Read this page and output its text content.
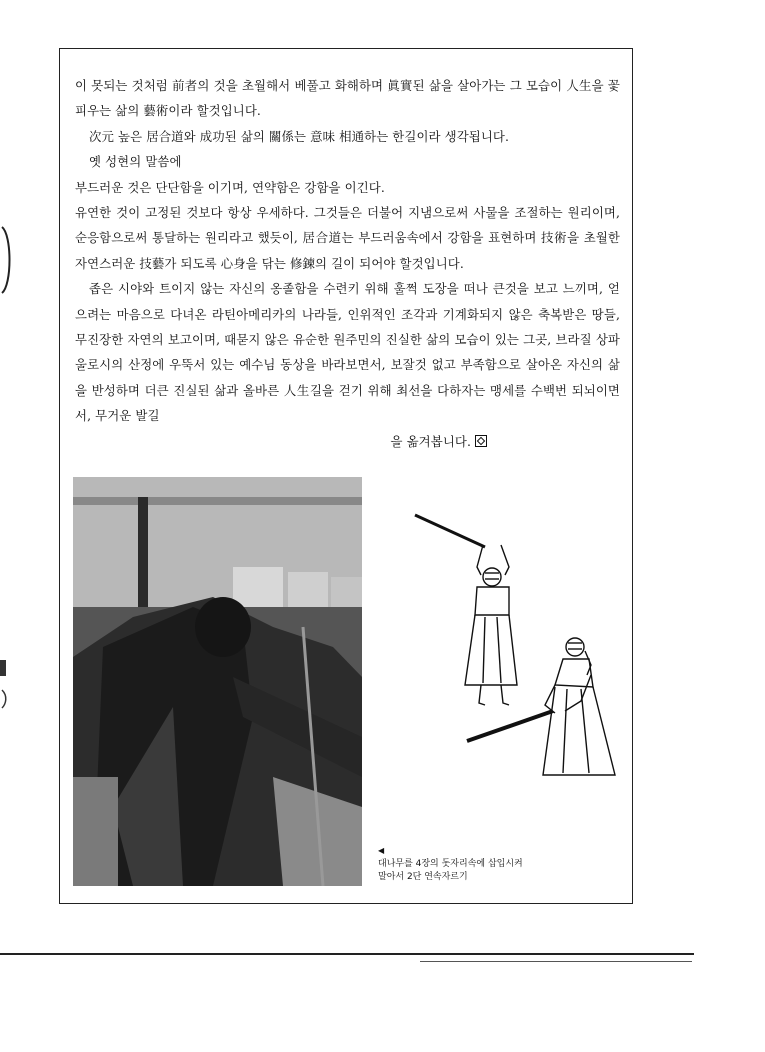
이 못되는 것처럼 前者의 것을 초월해서 베풀고 화해하며 眞實된 삶을 살아가는 그 모습이 人生을 꽃피우는 삶의 藝術이라 할것입니다.

次元 높은 居合道와 成功된 삶의 關係는 意味 相通하는 한길이라 생각됩니다.

옛 성현의 말씀에

부드러운 것은 단단함을 이기며, 연약함은 강함을 이긴다.

유연한 것이 고정된 것보다 항상 우세하다. 그것들은 더불어 지냄으로써 사물을 조절하는 원리이며, 순응함으로써 통달하는 원리라고 했듯이, 居合道는 부드러움속에서 강함을 표현하며 技術을 초월한 자연스러운 技藝가 되도록 心身을 닦는 修鍊의 길이 되어야 할것입니다.

좁은 시야와 트이지 않는 자신의 옹졸함을 수련키 위해 훌쩍 도장을 떠나 큰것을 보고 느끼며, 얻으려는 마음으로 다녀온 라틴아메리카의 나라들, 인위적인 조각과 기계화되지 않은 축복받은 땅들, 무진장한 자연의 보고이며, 때묻지 않은 유순한 원주민의 진실한 삶의 모습이 있는 그곳, 브라질 상파울로시의 산정에 우뚝서 있는 예수님 동상을 바라보면서, 보잘것 없고 부족함으로 살아온 자신의 삶을 반성하며 더큰 진실된 삶과 올바른 人生길을 걷기 위해 최선을 다하자는 맹세를 수백번 되뇌이면서, 무거운 발길

을 옮겨봅니다.

◀

대나무를 4장의 돗자리속에 삽입시켜

말아서 2단 연속자르기
